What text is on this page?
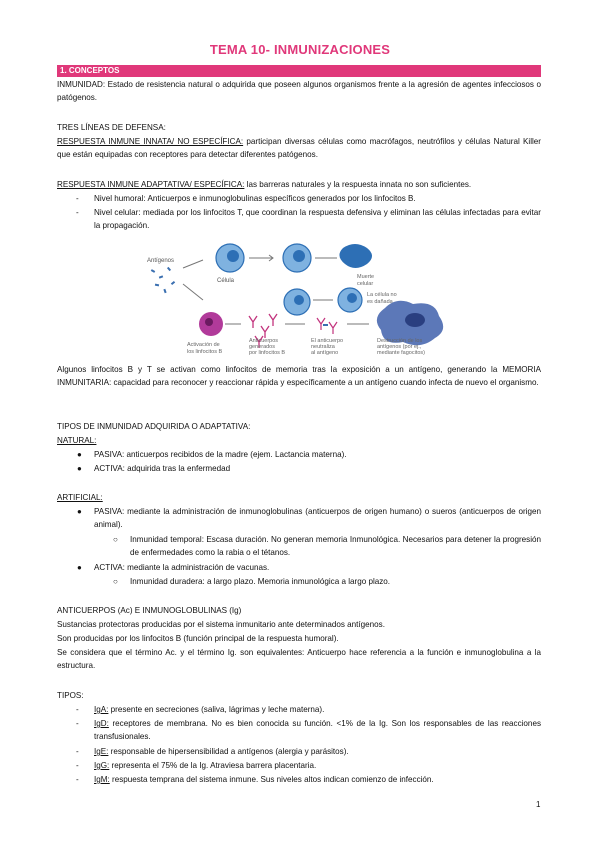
TEMA 10- INMUNIZACIONES
1. CONCEPTOS
INMUNIDAD: Estado de resistencia natural o adquirida que poseen algunos organismos frente a la agresión de agentes infecciosos o patógenos.
TRES LÍNEAS DE DEFENSA:
RESPUESTA INMUNE INNATA/ NO ESPECÍFICA: participan diversas células como macrófagos, neutrófilos y células Natural Killer que están equipadas con receptores para detectar diferentes patógenos.
RESPUESTA INMUNE ADAPTATIVA/ ESPECÍFICA: las barreras naturales y la respuesta innata no son suficientes.
- Nivel humoral: Anticuerpos e inmunoglobulinas específicos generados por los linfocitos B.
- Nivel celular: mediada por los linfocitos T, que coordinan la respuesta defensiva y eliminan las células infectadas para evitar la propagación.
Antígenos
Célula
Muerte
celular
La célula no
es dañada
Activación de
los linfocitos B
Anticuerpos
generados
por linfocitos B
El anticuerpo
neutraliza
al antígeno
Destrucción de los
antígenos (por ej.,
mediante fagocitos)
Algunos linfocitos B y T se activan como linfocitos de memoria tras la exposición a un antígeno, generando la MEMORIA INMUNITARIA: capacidad para reconocer y reaccionar rápida y específicamente a un antígeno cuando infecta de nuevo el organismo.
TIPOS DE INMUNIDAD ADQUIRIDA O ADAPTATIVA:
NATURAL:
● PASIVA: anticuerpos recibidos de la madre (ejem. Lactancia materna).
● ACTIVA: adquirida tras la enfermedad
ARTIFICIAL:
● PASIVA: mediante la administración de inmunoglobulinas (anticuerpos de origen humano) o sueros (anticuerpos de origen animal).
○ Inmunidad temporal: Escasa duración. No generan memoria Inmunológica. Necesarios para detener la progresión de enfermedades como la rabia o el tétanos.
● ACTIVA: mediante la administración de vacunas.
○ Inmunidad duradera: a largo plazo. Memoria inmunológica a largo plazo.
ANTICUERPOS (Ac) E INMUNOGLOBULINAS (Ig)
Sustancias protectoras producidas por el sistema inmunitario ante determinados antígenos.
Son producidas por los linfocitos B (función principal de la respuesta humoral).
Se considera que el término Ac. y el término Ig. son equivalentes: Anticuerpo hace referencia a la función e inmunoglobulina a la estructura.
TIPOS:
- IgA: presente en secreciones (saliva, lágrimas y leche materna).
- IgD: receptores de membrana. No es bien conocida su función. <1% de la Ig. Son los responsables de las reacciones transfusionales.
- IgE: responsable de hipersensibilidad a antígenos (alergia y parásitos).
- IgG: representa el 75% de la Ig. Atraviesa barrera placentaria.
- IgM: respuesta temprana del sistema inmune. Sus niveles altos indican comienzo de infección.
1
